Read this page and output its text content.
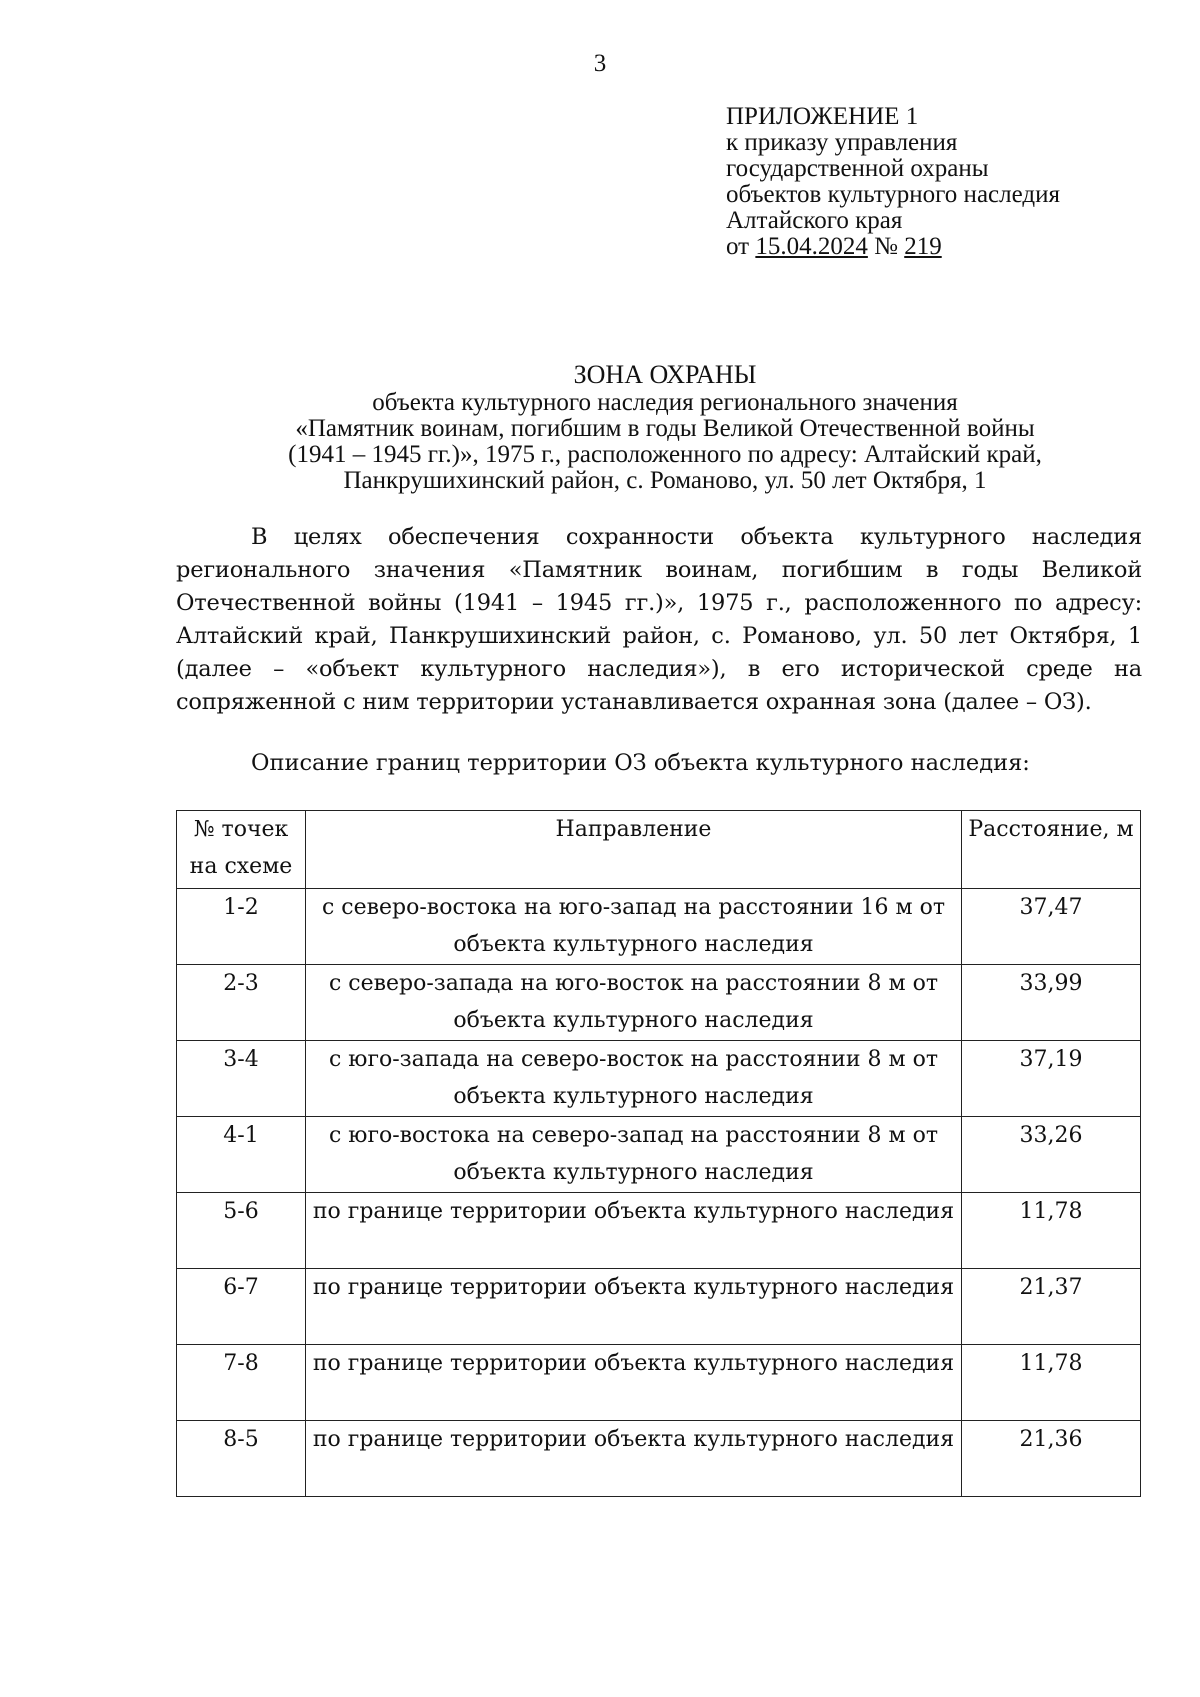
3
ПРИЛОЖЕНИЕ 1
к приказу управления
государственной охраны
объектов культурного наследия
Алтайского края
от 15.04.2024 № 219
ЗОНА ОХРАНЫ
объекта культурного наследия регионального значения
«Памятник воинам, погибшим в годы Великой Отечественной войны
(1941 – 1945 гг.)», 1975 г., расположенного по адресу: Алтайский край,
Панкрушихинский район, с. Романово, ул. 50 лет Октября, 1
В целях обеспечения сохранности объекта культурного наследия регионального значения «Памятник воинам, погибшим в годы Великой Отечественной войны (1941 – 1945 гг.)», 1975 г., расположенного по адресу: Алтайский край, Панкрушихинский район, с. Романово, ул. 50 лет Октября, 1 (далее – «объект культурного наследия»), в его исторической среде на сопряженной с ним территории устанавливается охранная зона (далее – ОЗ).
Описание границ территории ОЗ объекта культурного наследия:
№ точек на схеме	Направление	Расстояние, м
1-2	с северо-востока на юго-запад на расстоянии 16 м от объекта культурного наследия	37,47
2-3	с северо-запада на юго-восток на расстоянии 8 м от объекта культурного наследия	33,99
3-4	с юго-запада на северо-восток на расстоянии 8 м от объекта культурного наследия	37,19
4-1	с юго-востока на северо-запад на расстоянии 8 м от объекта культурного наследия	33,26
5-6	по границе территории объекта культурного наследия	11,78
6-7	по границе территории объекта культурного наследия	21,37
7-8	по границе территории объекта культурного наследия	11,78
8-5	по границе территории объекта культурного наследия	21,36
